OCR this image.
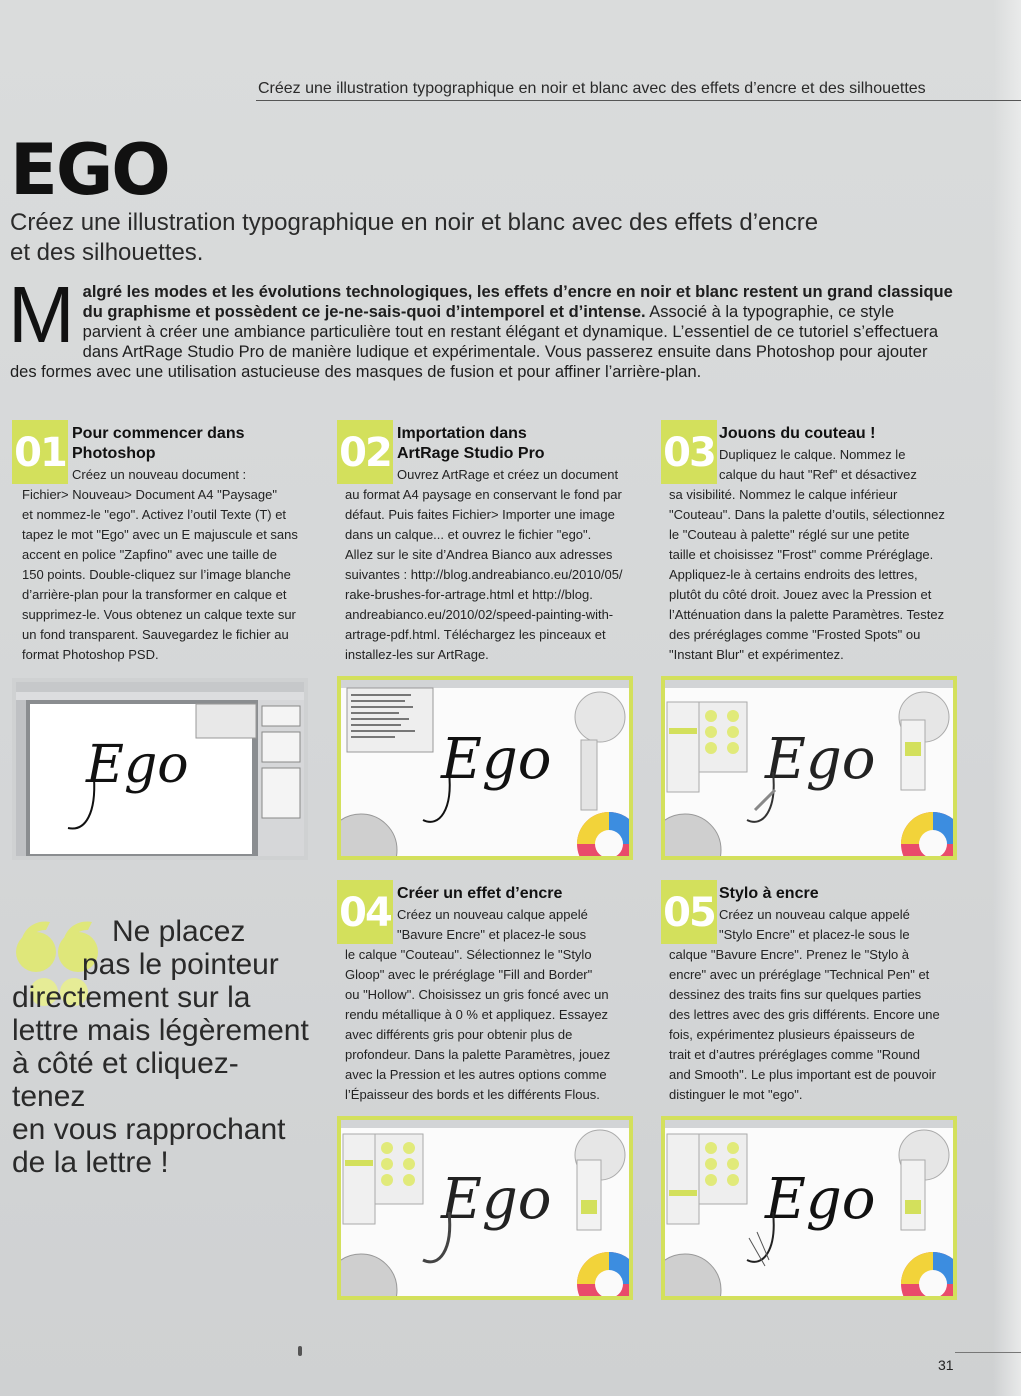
Créez une illustration typographique en noir et blanc avec des effets d’encre et des silhouettes
EGO
Créez une illustration typographique en noir et blanc avec des effets d’encre
et des silhouettes.
Malgré les modes et les évolutions technologiques, les effets d’encre en noir et blanc restent un grand classique du graphisme et possèdent ce je-ne-sais-quoi d’intemporel et d’intense. Associé à la typographie, ce style parvient à créer une ambiance particulière tout en restant élégant et dynamique. L’essentiel de ce tutoriel s’effectuera dans ArtRage Studio Pro de manière ludique et expérimentale. Vous passerez ensuite dans Photoshop pour ajouter des formes avec une utilisation astucieuse des masques de fusion et pour affiner l’arrière-plan.
01 Pour commencer dans
Photoshop
Créez un nouveau document :
Fichier> Nouveau> Document A4 "Paysage"
et nommez-le "ego". Activez l’outil Texte (T) et
tapez le mot "Ego" avec un E majuscule et sans
accent en police "Zapfino" avec une taille de
150 points. Double-cliquez sur l’image blanche
d’arrière-plan pour la transformer en calque et
supprimez-le. Vous obtenez un calque texte sur
un fond transparent. Sauvegardez le fichier au
format Photoshop PSD.
Ego
02 Importation dans
ArtRage Studio Pro
Ouvrez ArtRage et créez un document
au format A4 paysage en conservant le fond par
défaut. Puis faites Fichier> Importer une image
dans un calque... et ouvrez le fichier "ego".
Allez sur le site d’Andrea Bianco aux adresses
suivantes : http://blog.andreabianco.eu/2010/05/
rake-brushes-for-artrage.html et http://blog.
andreabianco.eu/2010/02/speed-painting-with-
artrage-pdf.html. Téléchargez les pinceaux et
installez-les sur ArtRage.
Ego
03 Jouons du couteau !
Dupliquez le calque. Nommez le
calque du haut "Ref" et désactivez
sa visibilité. Nommez le calque inférieur
"Couteau". Dans la palette d’outils, sélectionnez
le "Couteau à palette" réglé sur une petite
taille et choisissez "Frost" comme Préréglage.
Appliquez-le à certains endroits des lettres,
plutôt du côté droit. Jouez avec la Pression et
l’Atténuation dans la palette Paramètres. Testez
des préréglages comme "Frosted Spots" ou
"Instant Blur" et expérimentez.
Ego
04 Créer un effet d’encre
Créez un nouveau calque appelé
"Bavure Encre" et placez-le sous
le calque "Couteau". Sélectionnez le "Stylo
Gloop" avec le préréglage "Fill and Border"
ou "Hollow". Choisissez un gris foncé avec un
rendu métallique à 0 % et appliquez. Essayez
avec différents gris pour obtenir plus de
profondeur. Dans la palette Paramètres, jouez
avec la Pression et les autres options comme
l’Épaisseur des bords et les différents Flous.
Ego
05 Stylo à encre
Créez un nouveau calque appelé
"Stylo Encre" et placez-le sous le
calque "Bavure Encre". Prenez le "Stylo à
encre" avec un préréglage "Technical Pen" et
dessinez des traits fins sur quelques parties
des lettres avec des gris différents. Encore une
fois, expérimentez plusieurs épaisseurs de
trait et d’autres préréglages comme "Round
and Smooth". Le plus important est de pouvoir
distinguer le mot "ego".
Ego
Ne placez
pas le pointeur
directement sur la
lettre mais légèrement
à côté et cliquez-tenez
en vous rapprochant
de la lettre !
31
